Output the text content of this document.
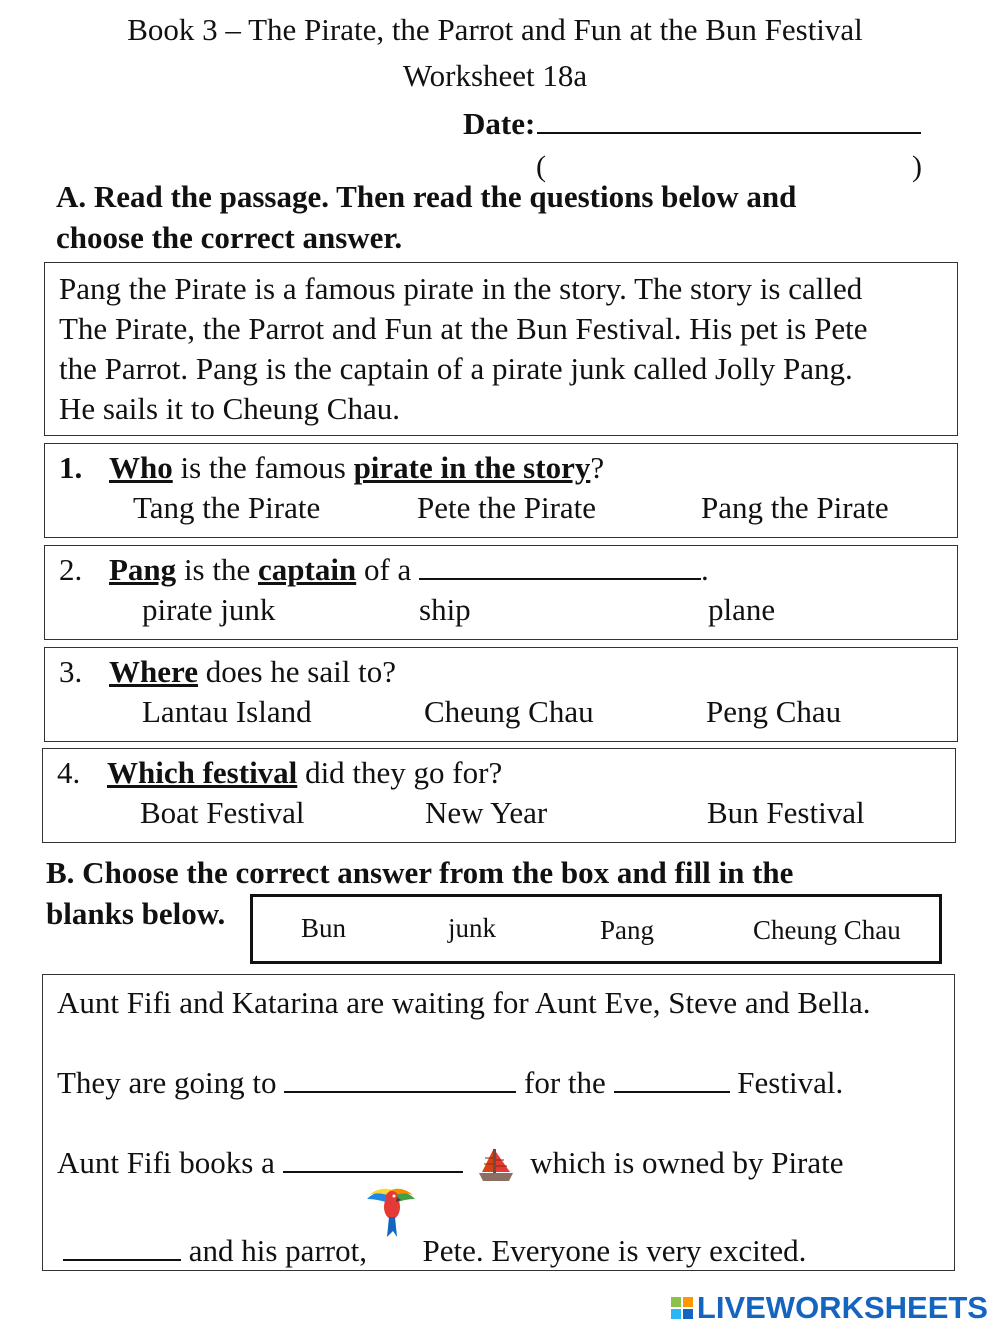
Book 3 – The Pirate, the Parrot and Fun at the Bun Festival
Worksheet 18a
Date:
(	)
A. Read the passage. Then read the questions below and
choose the correct answer.
Pang the Pirate is a famous pirate in the story. The story is called
The Pirate, the Parrot and Fun at the Bun Festival. His pet is Pete
the Parrot. Pang is the captain of a pirate junk called Jolly Pang.
He sails it to Cheung Chau.
1. Who is the famous pirate in the story?
Tang the Pirate	Pete the Pirate	Pang the Pirate
2. Pang is the captain of a	.
pirate junk	ship	plane
3. Where does he sail to?
Lantau Island	Cheung Chau	Peng Chau
4. Which festival did they go for?
Boat Festival	New Year	Bun Festival
B. Choose the correct answer from the box and fill in the
blanks below.	Bun	junk	Pang	Cheung Chau
Aunt Fifi and Katarina are waiting for Aunt Eve, Steve and Bella.
They are going to	for the	Festival.
Aunt Fifi books a	which is owned by Pirate
and his parrot, Pete. Everyone is very excited.
LIVEWORKSHEETS
